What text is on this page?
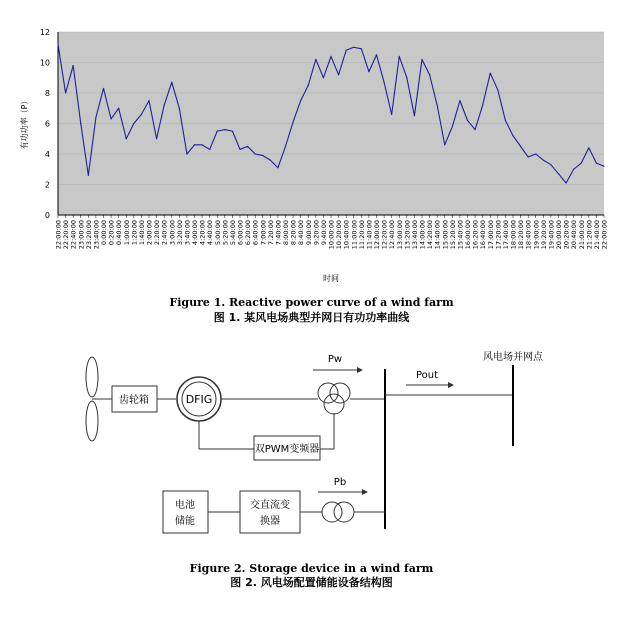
0
2
4
6
8
10
12
22:00:00 22:20:00 22:40:00 23:00:00 23:20:00 23:40:00 0:00:00 0:20:00 0:40:00 1:00:00 1:20:00 1:40:00 2:00:00 2:20:00 2:40:00 3:00:00 3:20:00 3:40:00 4:00:00 4:20:00 4:40:00 5:00:00 5:20:00 5:40:00 6:00:00 6:20:00 6:40:00 7:00:00 7:20:00 7:40:00 8:00:00 8:20:00 8:40:00 9:00:00 9:20:00 9:40:00 10:00:00 10:20:00 10:40:00 11:00:00 11:20:00 11:40:00 12:00:00 12:20:00 12:40:00 13:00:00 13:20:00 13:40:00 14:00:00 14:20:00 14:40:00 15:00:00 15:20:00 15:40:00 16:00:00 16:20:00 16:40:00 17:00:00 17:20:00 17:40:00 18:00:00 18:20:00 18:40:00 19:00:00 19:20:00 19:40:00 20:00:00 20:20:00 20:40:00 21:00:00 21:20:00 21:40:00 22:00:00
有功功率（P）
时间
Figure 1. Reactive power curve of a wind farm
图 1. 某风电场典型并网日有功功率曲线
齿轮箱	DFIG
双PWM变频器
Pw
Pout
风电场并网点
电池
储能
交直流变
换器
Pb
Figure 2. Storage device in a wind farm
图 2. 风电场配置储能设备结构图
